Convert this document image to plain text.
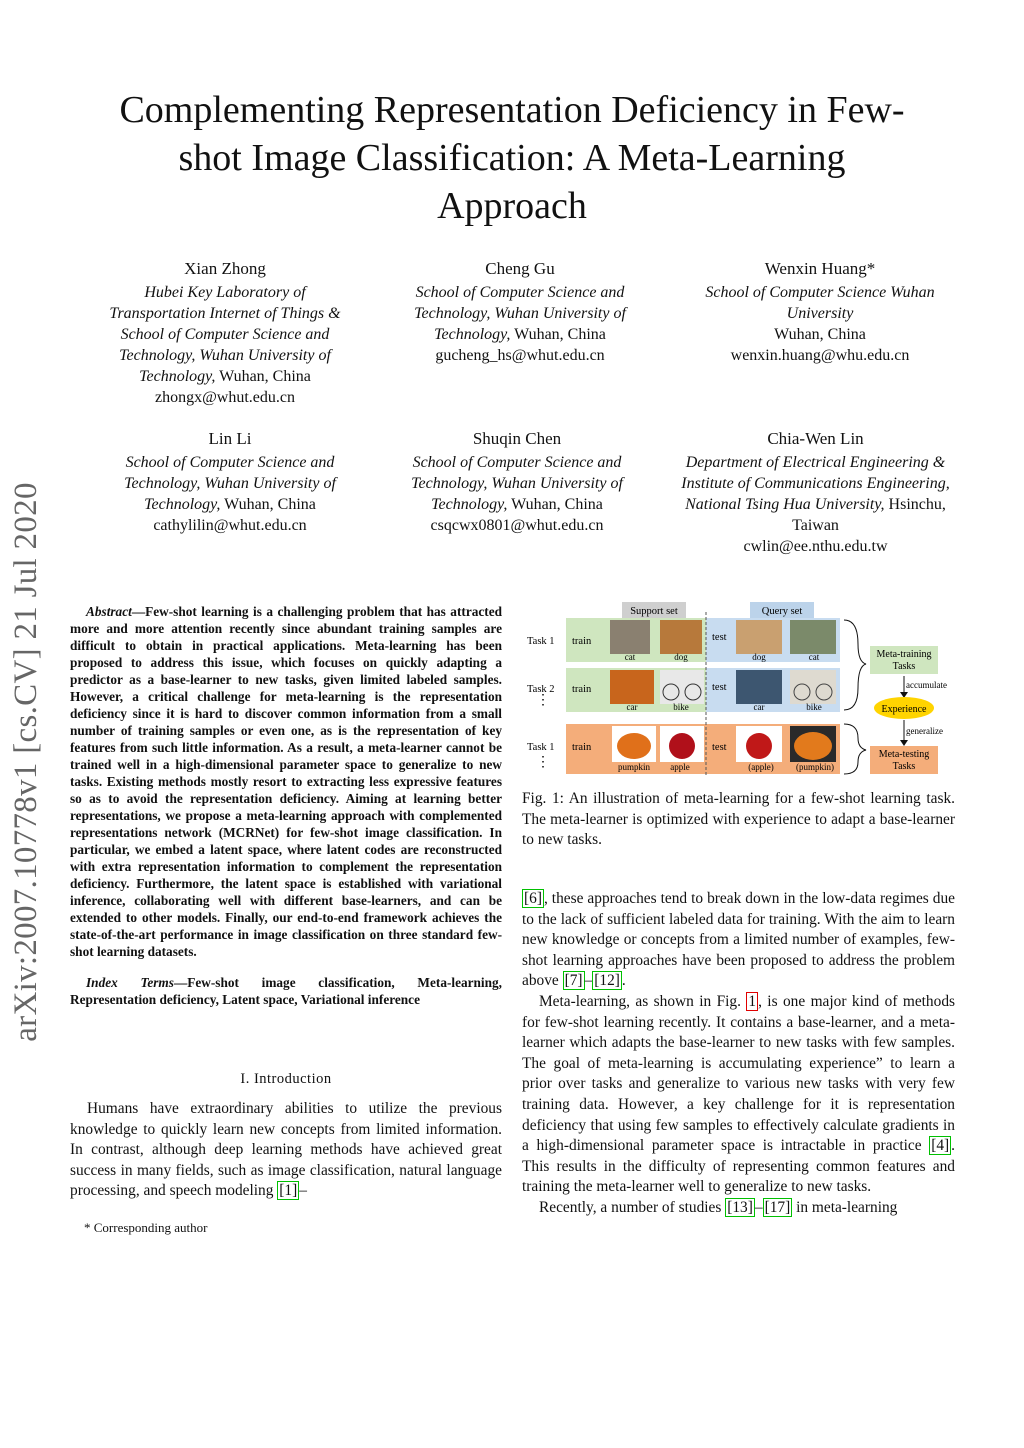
arXiv:2007.10778v1 [cs.CV] 21 Jul 2020
Complementing Representation Deficiency in Few-shot Image Classification: A Meta-Learning Approach
Xian Zhong
Hubei Key Laboratory of Transportation Internet of Things & School of Computer Science and Technology, Wuhan University of Technology, Wuhan, China
zhongx@whut.edu.cn
Cheng Gu
School of Computer Science and Technology, Wuhan University of Technology, Wuhan, China
gucheng_hs@whut.edu.cn
Wenxin Huang*
School of Computer Science Wuhan University
Wuhan, China
wenxin.huang@whu.edu.cn
Lin Li
School of Computer Science and Technology, Wuhan University of Technology, Wuhan, China
cathylilin@whut.edu.cn
Shuqin Chen
School of Computer Science and Technology, Wuhan University of Technology, Wuhan, China
csqcwx0801@whut.edu.cn
Chia-Wen Lin
Department of Electrical Engineering & Institute of Communications Engineering, National Tsing Hua University, Hsinchu, Taiwan
cwlin@ee.nthu.edu.tw
Abstract—Few-shot learning is a challenging problem that has attracted more and more attention recently since abundant training samples are difficult to obtain in practical applications. Meta-learning has been proposed to address this issue, which focuses on quickly adapting a predictor as a base-learner to new tasks, given limited labeled samples. However, a critical challenge for meta-learning is the representation deficiency since it is hard to discover common information from a small number of training samples or even one, as is the representation of key features from such little information. As a result, a meta-learner cannot be trained well in a high-dimensional parameter space to generalize to new tasks. Existing methods mostly resort to extracting less expressive features so as to avoid the representation deficiency. Aiming at learning better representations, we propose a meta-learning approach with complemented representations network (MCRNet) for few-shot image classification. In particular, we embed a latent space, where latent codes are reconstructed with extra representation information to complement the representation deficiency. Furthermore, the latent space is established with variational inference, collaborating well with different base-learners, and can be extended to other models. Finally, our end-to-end framework achieves the state-of-the-art performance in image classification on three standard few-shot learning datasets.
Index Terms—Few-shot image classification, Meta-learning, Representation deficiency, Latent space, Variational inference
I. Introduction
Humans have extraordinary abilities to utilize the previous knowledge to quickly learn new concepts from limited information. In contrast, although deep learning methods have achieved great success in many fields, such as image classification, natural language processing, and speech modeling [1] –
* Corresponding author
Support set	Query set
Task 1
Task 2
Task 1
⋮
⋮
train	test
train	test
train	test
cat	dog	dog	cat
car	bike	car	bike
pumpkin apple	(apple) (pumpkin)
Meta-training Tasks
accumulate
Experience
generalize
Meta-testing Tasks
Fig. 1: An illustration of meta-learning for a few-shot learning task. The meta-learner is optimized with experience to adapt a base-learner to new tasks.
[6] , these approaches tend to break down in the low-data regimes due to the lack of sufficient labeled data for training. With the aim to learn new knowledge or concepts from a limited number of examples, few-shot learning approaches have been proposed to address the problem above [7] – [12] .
Meta-learning, as shown in Fig. 1 , is one major kind of methods for few-shot learning recently. It contains a base-learner, and a meta-learner which adapts the base-learner to new tasks with few samples. The goal of meta-learning is accumulating experience” to learn a prior over tasks and generalize to various new tasks with very few training data. However, a key challenge for it is representation deficiency that using few samples to effectively calculate gradients in a high-dimensional parameter space is intractable in practice [4] . This results in the difficulty of representing common features and training the meta-learner well to generalize to new tasks.
Recently, a number of studies [13] – [17] in meta-learning
